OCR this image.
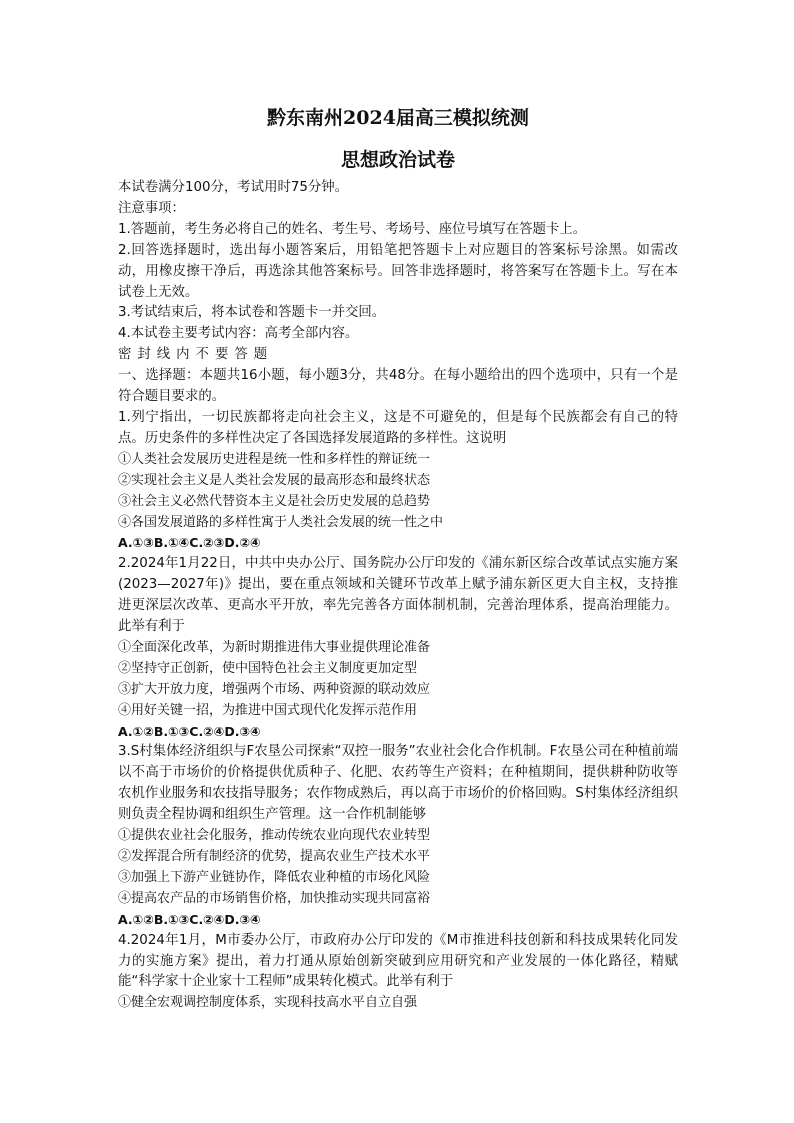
黔东南州2024届高三模拟统测
思想政治试卷

本试卷满分100分，考试用时75分钟。

注意事项：

1.答题前，考生务必将自己的姓名、考生号、考场号、座位号填写在答题卡上。

2.回答选择题时，选出每小题答案后，用铅笔把答题卡上对应题目的答案标号涂黑。如需改动，用橡皮擦干净后，再选涂其他答案标号。回答非选择题时，将答案写在答题卡上。写在本试卷上无效。

3.考试结束后，将本试卷和答题卡一并交回。

4.本试卷主要考试内容：高考全部内容。

密封线内不要答题

一、选择题：本题共16小题，每小题3分，共48分。在每小题给出的四个选项中，只有一个是符合题目要求的。

1.列宁指出，一切民族都将走向社会主义，这是不可避免的，但是每个民族都会有自己的特点。历史条件的多样性决定了各国选择发展道路的多样性。这说明

①人类社会发展历史进程是统一性和多样性的辩证统一

②实现社会主义是人类社会发展的最高形态和最终状态

③社会主义必然代替资本主义是社会历史发展的总趋势

④各国发展道路的多样性寓于人类社会发展的统一性之中

A.①③B.①④C.②③D.②④

2.2024年1月22日，中共中央办公厅、国务院办公厅印发的《浦东新区综合改革试点实施方案(2023—2027年)》提出，要在重点领域和关键环节改革上赋予浦东新区更大自主权，支持推进更深层次改革、更高水平开放，率先完善各方面体制机制，完善治理体系，提高治理能力。此举有利于

①全面深化改革，为新时期推进伟大事业提供理论准备

②坚持守正创新，使中国特色社会主义制度更加定型

③扩大开放力度，增强两个市场、两种资源的联动效应

④用好关键一招，为推进中国式现代化发挥示范作用

A.①②B.①③C.②④D.③④

3.S村集体经济组织与F农垦公司探索“双控一服务”农业社会化合作机制。F农垦公司在种植前端以不高于市场价的价格提供优质种子、化肥、农药等生产资料；在种植期间，提供耕种防收等农机作业服务和农技指导服务；农作物成熟后，再以高于市场价的价格回购。S村集体经济组织则负责全程协调和组织生产管理。这一合作机制能够

①提供农业社会化服务，推动传统农业向现代农业转型

②发挥混合所有制经济的优势，提高农业生产技术水平

③加强上下游产业链协作，降低农业种植的市场化风险

④提高农产品的市场销售价格，加快推动实现共同富裕

A.①②B.①③C.②④D.③④

4.2024年1月，M市委办公厅，市政府办公厅印发的《M市推进科技创新和科技成果转化同发力的实施方案》提出，着力打通从原始创新突破到应用研究和产业发展的一体化路径，精赋能“科学家十企业家十工程师”成果转化模式。此举有利于

①健全宏观调控制度体系，实现科技高水平自立自强
